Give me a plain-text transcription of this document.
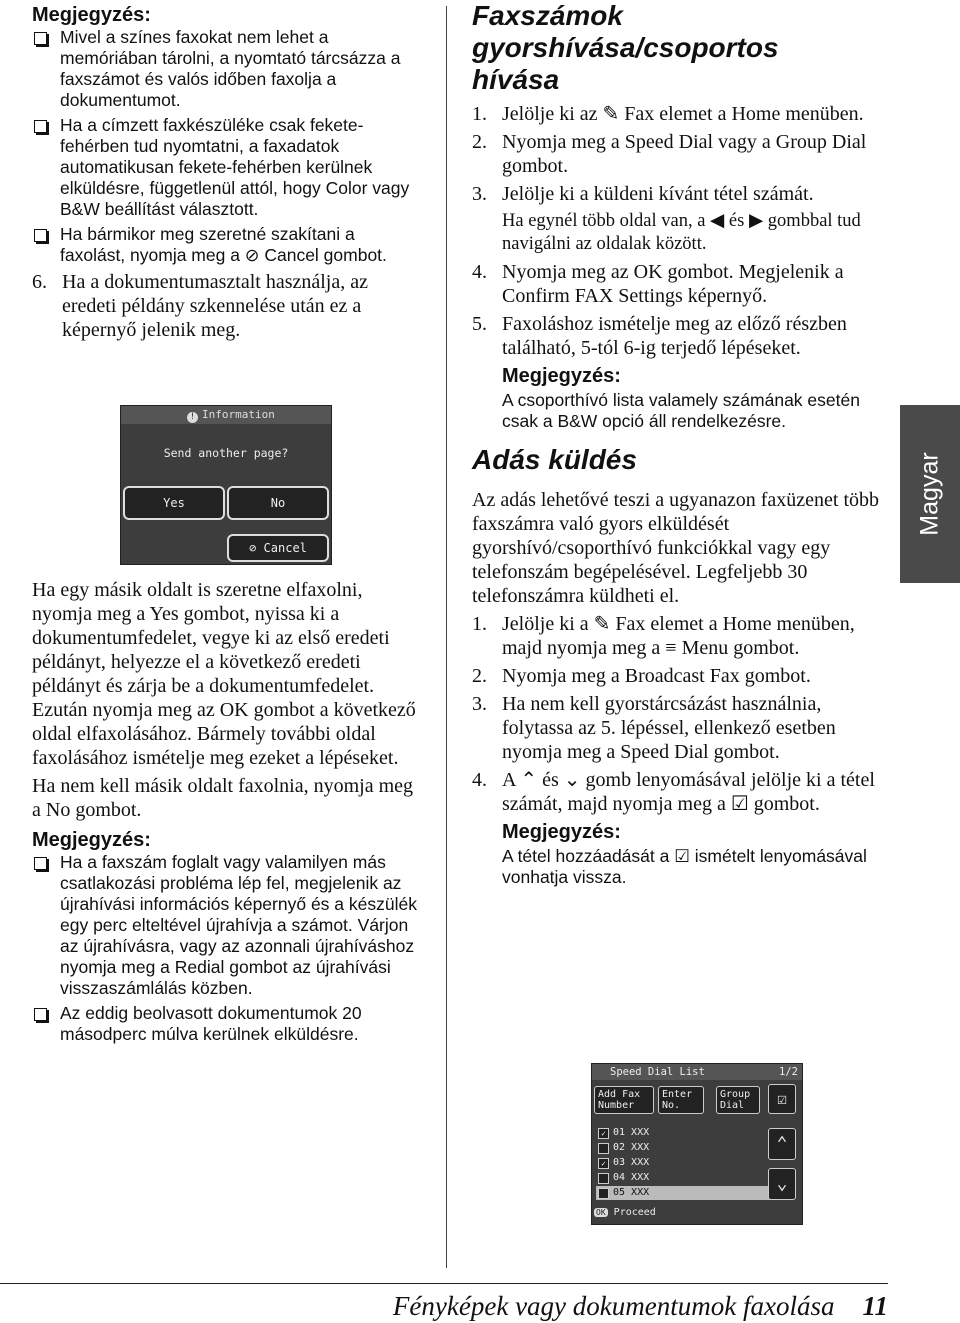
Megjegyzés:

Mivel a színes faxokat nem lehet a memóriában tárolni, a nyomtató tárcsázza a faxszámot és valós időben faxolja a dokumentumot.
Ha a címzett faxkészüléke csak fekete-fehérben tud nyomtatni, a faxadatok automatikusan fekete-fehérben kerülnek elküldésre, függetlenül attól, hogy Color vagy B&W beállítást választott.
Ha bármikor meg szeretné szakítani a faxolást, nyomja meg a ⊘ Cancel gombot.
6. Ha a dokumentumasztalt használja, az eredeti példány szkennelése után ez a képernyő jelenik meg.
! Information
Send another page?
Yes	No
⊘ Cancel

Ha egy másik oldalt is szeretne elfaxolni, nyomja meg a Yes gombot, nyissa ki a dokumentumfedelet, vegye ki az első eredeti példányt, helyezze el a következő eredeti példányt és zárja be a dokumentumfedelet. Ezután nyomja meg az OK gombot a következő oldal elfaxolásához. Bármely további oldal faxolásához ismételje meg ezeket a lépéseket.

Ha nem kell másik oldalt faxolnia, nyomja meg a No gombot.

Megjegyzés:

Ha a faxszám foglalt vagy valamilyen más csatlakozási probléma lép fel, megjelenik az újrahívási információs képernyő és a készülék egy perc elteltével újrahívja a számot. Várjon az újrahívásra, vagy az azonnali újrahíváshoz nyomja meg a Redial gombot az újrahívási visszaszámlálás közben.
Az eddig beolvasott dokumentumok 20 másodperc múlva kerülnek elküldésre.
Faxszámok gyorshívása/csoportos hívása
1. Jelölje ki az ✎ Fax elemet a Home menüben.
2. Nyomja meg a Speed Dial vagy a Group Dial gombot.
3. Jelölje ki a küldeni kívánt tétel számát.

Ha egynél több oldal van, a ◀ és ▶ gombbal tud navigálni az oldalak között.

4. Nyomja meg az OK gombot. Megjelenik a Confirm FAX Settings képernyő.
5. Faxoláshoz ismételje meg az előző részben található, 5-tól 6-ig terjedő lépéseket.

Megjegyzés:

A csoporthívó lista valamely számának esetén csak a B&W opció áll rendelkezésre.

Adás küldés

Az adás lehetővé teszi a ugyanazon faxüzenet több faxszámra való gyors elküldését gyorshívó/csoporthívó funkciókkal vagy egy telefonszám begépelésével. Legfeljebb 30 telefonszámra küldheti el.

1. Jelölje ki a ✎ Fax elemet a Home menüben, majd nyomja meg a ≡ Menu gombot.
2. Nyomja meg a Broadcast Fax gombot.
3. Ha nem kell gyorstárcsázást használnia, folytassa az 5. lépéssel, ellenkező esetben nyomja meg a Speed Dial gombot.
4. A ⌃ és ⌄ gomb lenyomásával jelölje ki a tétel számát, majd nyomja meg a ☑ gombot.

Megjegyzés:

A tétel hozzáadását a ☑ ismételt lenyomásával vonhatja vissza.

Speed Dial List	1/2
Add Fax Number
Enter No.
Group Dial	☑
✓ 01 XXX
02 XXX
✓ 03 XXX
04 XXX
05 XXX
⌃
⌄
OK Proceed
Magyar
Fényképek vagy dokumentumok faxolása 11
